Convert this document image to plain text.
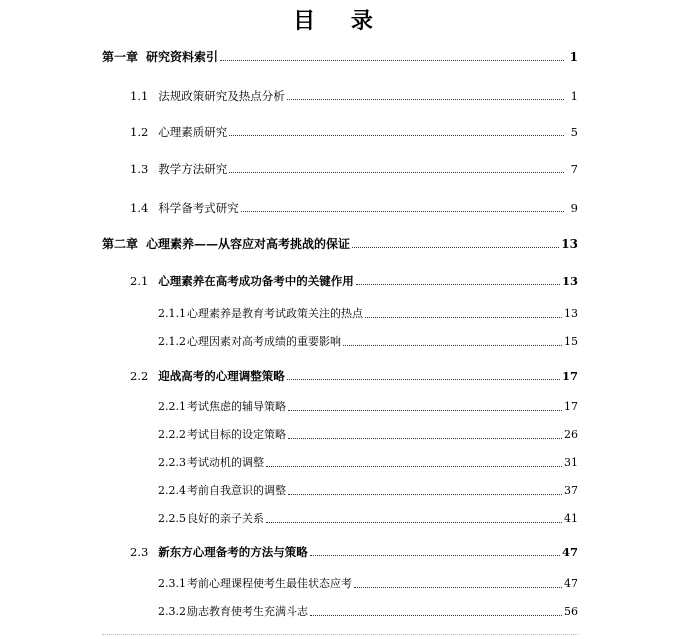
目 录
第一章 研究资料索引	1
1.1 法规政策研究及热点分析	1
1.2 心理素质研究	5
1.3 教学方法研究	7
1.4 科学备考式研究	9
第二章 心理素养——从容应对高考挑战的保证	13
2.1 心理素养在高考成功备考中的关键作用	13
2.1.1 心理素养是教育考试政策关注的热点	13
2.1.2 心理因素对高考成绩的重要影响	15
2.2 迎战高考的心理调整策略	17
2.2.1 考试焦虑的辅导策略	17
2.2.2 考试目标的设定策略	26
2.2.3 考试动机的调整	31
2.2.4 考前自我意识的调整	37
2.2.5 良好的亲子关系	41
2.3 新东方心理备考的方法与策略	47
2.3.1 考前心理课程使考生最佳状态应考	47
2.3.2 励志教育使考生充满斗志	56
